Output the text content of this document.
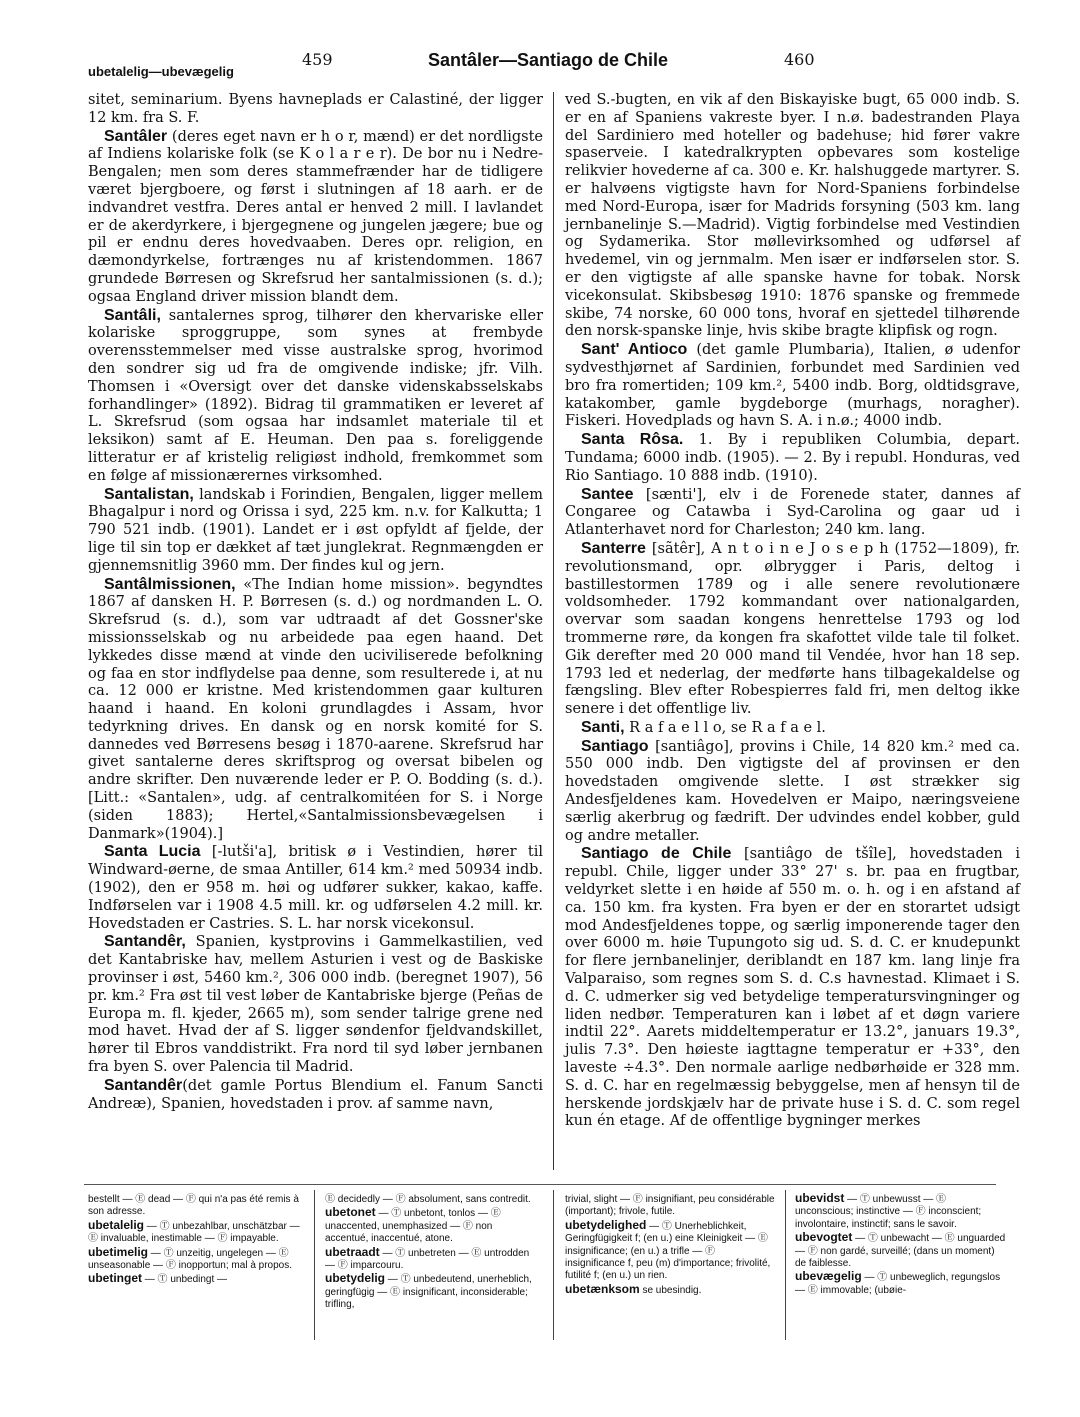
ubetalelig—ubevægelig
459	Santâler—Santiago de Chile	460

sitet, seminarium. Byens havneplads er Calastiné, der ligger 12 km. fra S. F.

Santâler (deres eget navn er h o r, mænd) er det nordligste af Indiens kolariske folk (se K o l a r e r). De bor nu i Nedre-Bengalen; men som deres stammefrænder har de tidligere været bjergboere, og først i slutningen af 18 aarh. er de indvandret vestfra. Deres antal er henved 2 mill. I lavlandet er de akerdyrkere, i bjergegnene og jungelen jægere; bue og pil er endnu deres hovedvaaben. Deres opr. religion, en dæmondyrkelse, fortrænges nu af kristendommen. 1867 grundede Børresen og Skrefsrud her santalmissionen (s. d.); ogsaa England driver mission blandt dem.

Santâli, santalernes sprog, tilhører den khervariske eller kolariske sproggruppe, som synes at frembyde overensstemmelser med visse australske sprog, hvorimod den sondrer sig ud fra de omgivende indiske; jfr. Vilh. Thomsen i «Oversigt over det danske videnskabsselskabs forhandlinger» (1892). Bidrag til grammatiken er leveret af L. Skrefsrud (som ogsaa har indsamlet materiale til et leksikon) samt af E. Heuman. Den paa s. foreliggende litteratur er af kristelig religiøst indhold, fremkommet som en følge af missionærernes virksomhed.

Santalistan, landskab i Forindien, Bengalen, ligger mellem Bhagalpur i nord og Orissa i syd, 225 km. n.v. for Kalkutta; 1 790 521 indb. (1901). Landet er i øst opfyldt af fjelde, der lige til sin top er dækket af tæt junglekrat. Regnmængden er gjennemsnitlig 3960 mm. Der findes kul og jern.

Santâlmissionen, «The Indian home mission». begyndtes 1867 af dansken H. P. Børresen (s. d.) og nordmanden L. O. Skrefsrud (s. d.), som var udtraadt af det Gossner'ske missionsselskab og nu arbeidede paa egen haand. Det lykkedes disse mænd at vinde den uciviliserede befolkning og faa en stor indflydelse paa denne, som resulterede i, at nu ca. 12 000 er kristne. Med kristendommen gaar kulturen haand i haand. En koloni grundlagdes i Assam, hvor tedyrkning drives. En dansk og en norsk komité for S. dannedes ved Børresens besøg i 1870-aarene. Skrefsrud har givet santalerne deres skriftsprog og oversat bibelen og andre skrifter. Den nuværende leder er P. O. Bodding (s. d.). [Litt.: «Santalen», udg. af centralkomitéen for S. i Norge (siden 1883); Hertel,«Santalmissionsbevægelsen i Danmark»(1904).]

Santa Lucia [-lutši'a], britisk ø i Vestindien, hører til Windward-øerne, de smaa Antiller, 614 km.² med 50934 indb. (1902), den er 958 m. høi og udfører sukker, kakao, kaffe. Indførselen var i 1908 4.5 mill. kr. og udførselen 4.2 mill. kr. Hovedstaden er Castries. S. L. har norsk vicekonsul.

Santandêr, Spanien, kystprovins i Gammelkastilien, ved det Kantabriske hav, mellem Asturien i vest og de Baskiske provinser i øst, 5460 km.², 306 000 indb. (beregnet 1907), 56 pr. km.² Fra øst til vest løber de Kantabriske bjerge (Peñas de Europa m. fl. kjeder, 2665 m), som sender talrige grene ned mod havet. Hvad der af S. ligger søndenfor fjeldvandskillet, hører til Ebros vanddistrikt. Fra nord til syd løber jernbanen fra byen S. over Palencia til Madrid.

Santandêr(det gamle Portus Blendium el. Fanum Sancti Andreæ), Spanien, hovedstaden i prov. af samme navn,

ved S.-bugten, en vik af den Biskayiske bugt, 65 000 indb. S. er en af Spaniens vakreste byer. I n.ø. badestranden Playa del Sardiniero med hoteller og badehuse; hid fører vakre spaserveie. I katedralkrypten opbevares som kostelige relikvier hovederne af ca. 300 e. Kr. halshuggede martyrer. S. er halvøens vigtigste havn for Nord-Spaniens forbindelse med Nord-Europa, især for Madrids forsyning (503 km. lang jernbanelinje S.—Madrid). Vigtig forbindelse med Vestindien og Sydamerika. Stor møllevirksomhed og udførsel af hvedemel, vin og jernmalm. Men især er indførselen stor. S. er den vigtigste af alle spanske havne for tobak. Norsk vicekonsulat. Skibsbesøg 1910: 1876 spanske og fremmede skibe, 74 norske, 60 000 tons, hvoraf en sjettedel tilhørende den norsk-spanske linje, hvis skibe bragte klipfisk og rogn.

Sant' Antioco (det gamle Plumbaria), Italien, ø udenfor sydvesthjørnet af Sardinien, forbundet med Sardinien ved bro fra romertiden; 109 km.², 5400 indb. Borg, oldtidsgrave, katakomber, gamle bygdeborge (murhags, noragher). Fiskeri. Hovedplads og havn S. A. i n.ø.; 4000 indb.

Santa Rôsa. 1. By i republiken Columbia, depart. Tundama; 6000 indb. (1905). — 2. By i republ. Honduras, ved Rio Santiago. 10 888 indb. (1910).

Santee [sænti'], elv i de Forenede stater, dannes af Congaree og Catawba i Syd-Carolina og gaar ud i Atlanterhavet nord for Charleston; 240 km. lang.

Santerre [sãtêr], A n t o i n e J o s e p h (1752—1809), fr. revolutionsmand, opr. ølbrygger i Paris, deltog i bastillestormen 1789 og i alle senere revolutionære voldsomheder. 1792 kommandant over nationalgarden, overvar som saadan kongens henrettelse 1793 og lod trommerne røre, da kongen fra skafottet vilde tale til folket. Gik derefter med 20 000 mand til Vendée, hvor han 18 sep. 1793 led et nederlag, der medførte hans tilbagekaldelse og fængsling. Blev efter Robespierres fald fri, men deltog ikke senere i det offentlige liv.

Santi, R a f a e l l o, se R a f a e l.

Santiago [santiâgo], provins i Chile, 14 820 km.² med ca. 550 000 indb. Den vigtigste del af provinsen er den hovedstaden omgivende slette. I øst strækker sig Andesfjeldenes kam. Hovedelven er Maipo, næringsveiene særlig akerbrug og fædrift. Der udvindes endel kobber, guld og andre metaller.

Santiago de Chile [santiâgo de tšîle], hovedstaden i republ. Chile, ligger under 33° 27' s. br. paa en frugtbar, veldyrket slette i en høide af 550 m. o. h. og i en afstand af ca. 150 km. fra kysten. Fra byen er der en storartet udsigt mod Andesfjeldenes toppe, og særlig imponerende tager den over 6000 m. høie Tupungoto sig ud. S. d. C. er knudepunkt for flere jernbanelinjer, deriblandt en 187 km. lang linje fra Valparaiso, som regnes som S. d. C.s havnestad. Klimaet i S. d. C. udmerker sig ved betydelige temperatursvingninger og liden nedbør. Temperaturen kan i løbet af et døgn variere indtil 22°. Aarets middeltemperatur er 13.2°, januars 19.3°, julis 7.3°. Den høieste iagttagne temperatur er +33°, den laveste ÷4.3°. Den normale aarlige nedbørhøide er 328 mm. S. d. C. har en regelmæssig bebyggelse, men af hensyn til de herskende jordskjælv har de private huse i S. d. C. som regel kun én etage. Af de offentlige bygninger merkes

bestellt — Ⓔ dead — Ⓕ qui n'a pas été remis à son adresse.

ubetalelig — Ⓣ unbezahlbar, unschätzbar — Ⓔ invaluable, inestimable — Ⓕ impayable.

ubetimelig — Ⓣ unzeitig, ungelegen — Ⓔ unseasonable — Ⓕ inopportun; mal à propos.

ubetinget — Ⓣ unbedingt —

Ⓔ decidedly — Ⓕ absolument, sans contredit.

ubetonet — Ⓣ unbetont, tonlos — Ⓔ unaccented, unemphasized — Ⓕ non accentué, inaccentué, atone.

ubetraadt — Ⓣ unbetreten — Ⓔ untrodden — Ⓕ imparcouru.

ubetydelig — Ⓣ unbedeutend, unerheblich, geringfügig — Ⓔ insignificant, inconsiderable; trifling,

trivial, slight — Ⓕ insignifiant, peu considérable (important); frivole, futile.

ubetydelighed — Ⓣ Unerheblichkeit, Geringfügigkeit f; (en u.) eine Kleinigkeit — Ⓔ insignificance; (en u.) a trifle — Ⓕ insignificance f, peu (m) d'importance; frivolité, futilité f; (en u.) un rien.

ubetænksom se ubesindig.

ubevidst — Ⓣ unbewusst — Ⓔ unconscious; instinctive — Ⓕ inconscient; involontaire, instinctif; sans le savoir.

ubevogtet — Ⓣ unbewacht — Ⓔ unguarded — Ⓕ non gardé, surveillé; (dans un moment) de faiblesse.

ubevægelig — Ⓣ unbeweglich, regungslos — Ⓔ immovable; (ubøie-
